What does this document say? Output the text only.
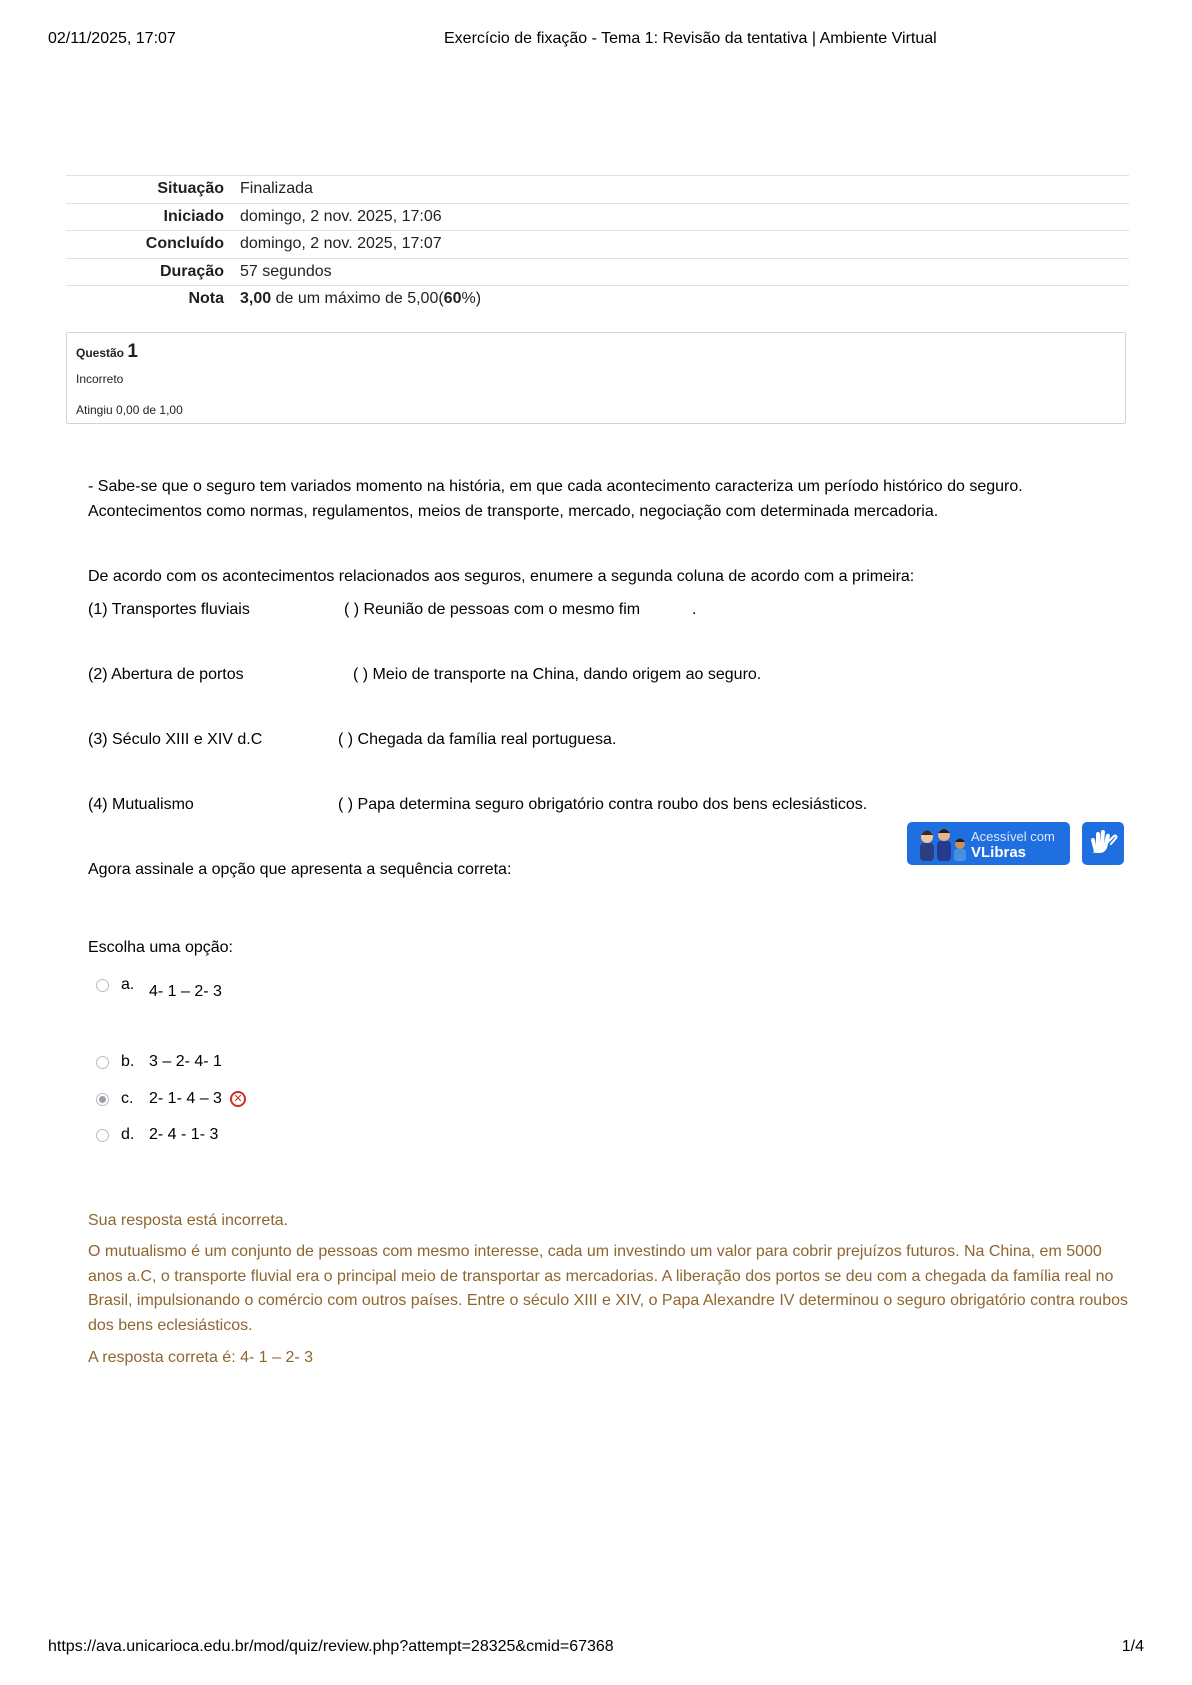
02/11/2025, 17:07	Exercício de fixação - Tema 1: Revisão da tentativa | Ambiente Virtual
Situação	Finalizada
Iniciado	domingo, 2 nov. 2025, 17:06
Concluído	domingo, 2 nov. 2025, 17:07
Duração	57 segundos
Nota	3,00 de um máximo de 5,00(60%)
Questão 1
Incorreto
Atingiu 0,00 de 1,00
- Sabe-se que o seguro tem variados momento na história, em que cada acontecimento caracteriza um período histórico do seguro.
Acontecimentos como normas, regulamentos, meios de transporte, mercado, negociação com determinada mercadoria.
De acordo com os acontecimentos relacionados aos seguros, enumere a segunda coluna de acordo com a primeira:
(1) Transportes fluviais	( ) Reunião de pessoas com o mesmo fim	.
(2) Abertura de portos	( ) Meio de transporte na China, dando origem ao seguro.
(3) Século XIII e XIV d.C	( ) Chegada da família real portuguesa.
(4) Mutualismo	( ) Papa determina seguro obrigatório contra roubo dos bens eclesiásticos.
Agora assinale a opção que apresenta a sequência correta:
Escolha uma opção:
a. 4- 1 – 2- 3
b. 3 – 2- 4- 1
c. 2- 1- 4 – 3	✕
d. 2- 4 - 1- 3
Sua resposta está incorreta.
O mutualismo é um conjunto de pessoas com mesmo interesse, cada um investindo um valor para cobrir prejuízos futuros. Na China, em 5000 anos a.C, o transporte fluvial era o principal meio de transportar as mercadorias. A liberação dos portos se deu com a chegada da família real no Brasil, impulsionando o comércio com outros países. Entre o século XIII e XIV, o Papa Alexandre IV determinou o seguro obrigatório contra roubos dos bens eclesiásticos.
A resposta correta é: 4- 1 – 2- 3
Acessível com
VLibras
https://ava.unicarioca.edu.br/mod/quiz/review.php?attempt=28325&cmid=67368	1/4
